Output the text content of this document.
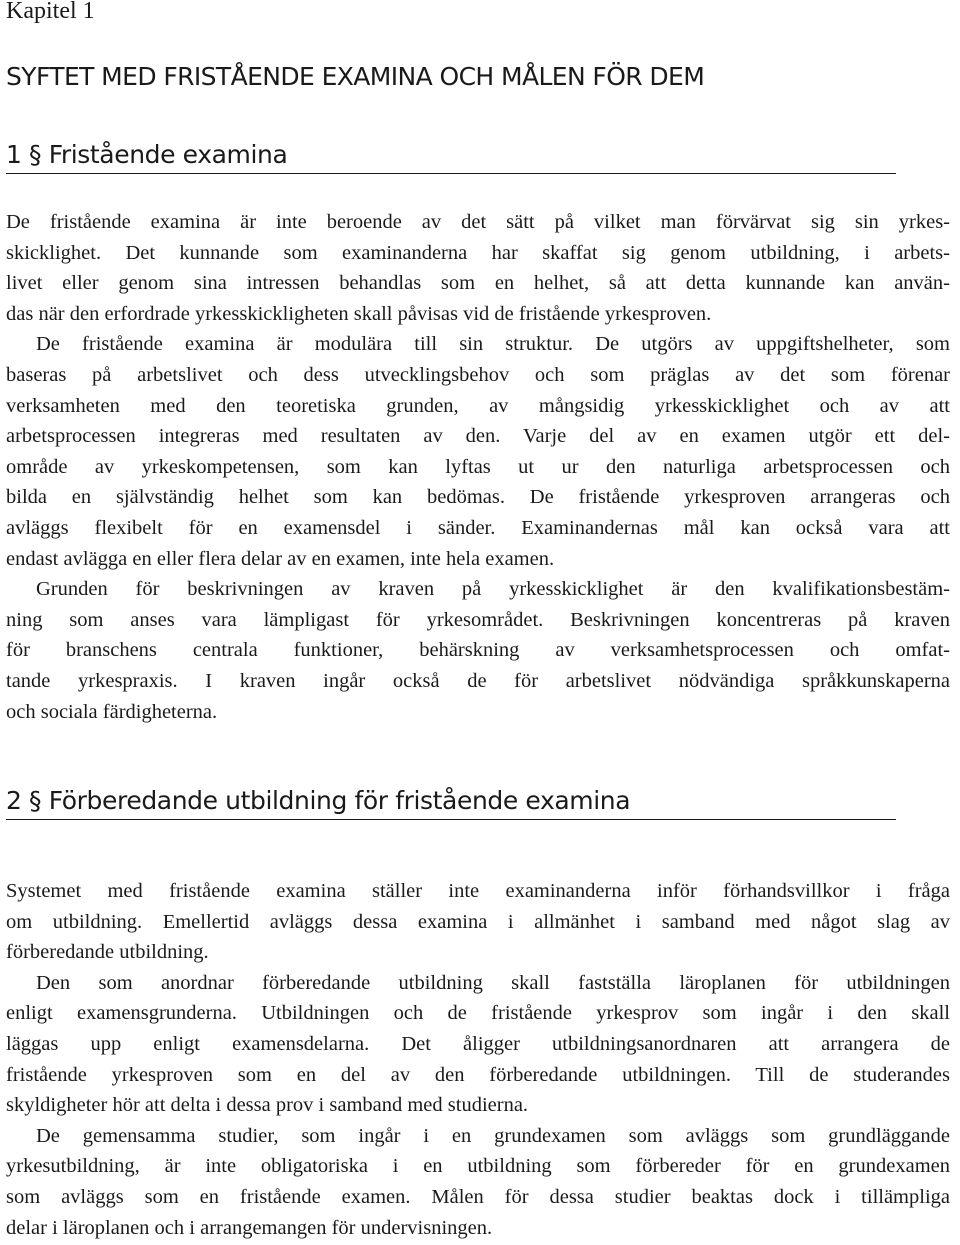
Kapitel 1
SYFTET MED FRISTÅENDE EXAMINA OCH MÅLEN FÖR DEM
1 § Fristående examina
De fristående examina är inte beroende av det sätt på vilket man förvärvat sig sin yrkes-
skicklighet. Det kunnande som examinanderna har skaffat sig genom utbildning, i arbets-
livet eller genom sina intressen behandlas som en helhet, så att detta kunnande kan använ-
das när den erfordrade yrkesskickligheten skall påvisas vid de fristående yrkesproven.
De fristående examina är modulära till sin struktur. De utgörs av uppgiftshelheter, som
baseras på arbetslivet och dess utvecklingsbehov och som präglas av det som förenar
verksamheten med den teoretiska grunden, av mångsidig yrkesskicklighet och av att
arbetsprocessen integreras med resultaten av den. Varje del av en examen utgör ett del-
område av yrkeskompetensen, som kan lyftas ut ur den naturliga arbetsprocessen och
bilda en självständig helhet som kan bedömas. De fristående yrkesproven arrangeras och
avläggs flexibelt för en examensdel i sänder. Examinandernas mål kan också vara att
endast avlägga en eller flera delar av en examen, inte hela examen.
Grunden för beskrivningen av kraven på yrkesskicklighet är den kvalifikationsbestäm-
ning som anses vara lämpligast för yrkesområdet. Beskrivningen koncentreras på kraven
för branschens centrala funktioner, behärskning av verksamhetsprocessen och omfat-
tande yrkespraxis. I kraven ingår också de för arbetslivet nödvändiga språkkunskaperna
och sociala färdigheterna.
2 § Förberedande utbildning för fristående examina
Systemet med fristående examina ställer inte examinanderna inför förhandsvillkor i fråga
om utbildning. Emellertid avläggs dessa examina i allmänhet i samband med något slag av
förberedande utbildning.
Den som anordnar förberedande utbildning skall fastställa läroplanen för utbildningen
enligt examensgrunderna. Utbildningen och de fristående yrkesprov som ingår i den skall
läggas upp enligt examensdelarna. Det åligger utbildningsanordnaren att arrangera de
fristående yrkesproven som en del av den förberedande utbildningen. Till de studerandes
skyldigheter hör att delta i dessa prov i samband med studierna.
De gemensamma studier, som ingår i en grundexamen som avläggs som grundläggande
yrkesutbildning, är inte obligatoriska i en utbildning som förbereder för en grundexamen
som avläggs som en fristående examen. Målen för dessa studier beaktas dock i tillämpliga
delar i läroplanen och i arrangemangen för undervisningen.
